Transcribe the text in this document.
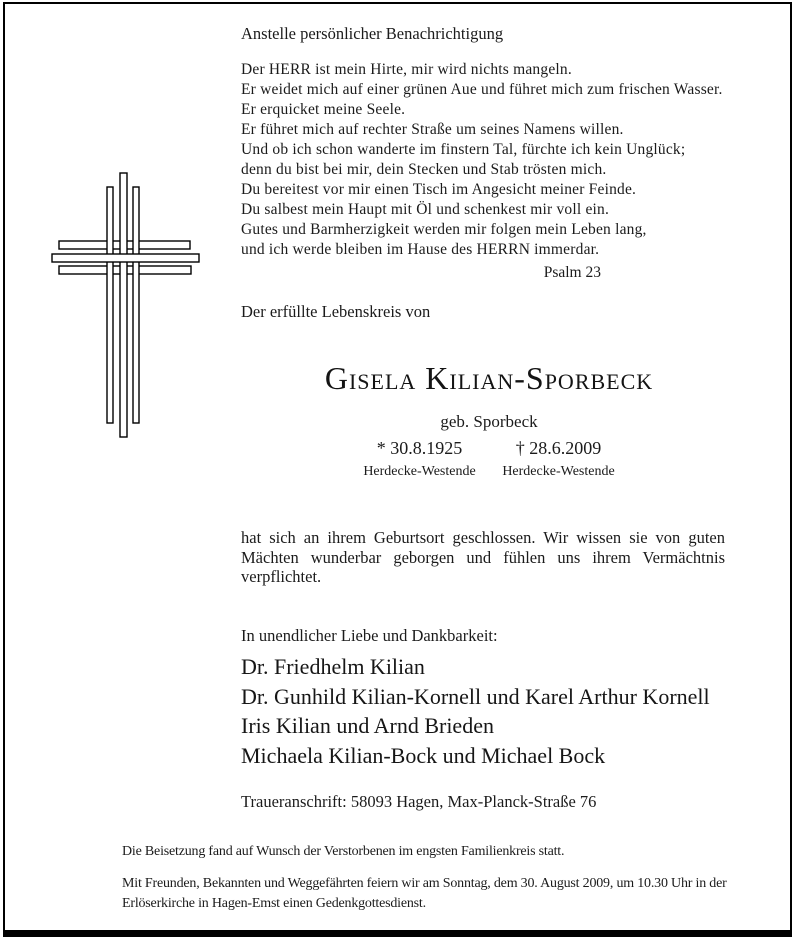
Anstelle persönlicher Benachrichtigung
Der HERR ist mein Hirte, mir wird nichts mangeln.
Er weidet mich auf einer grünen Aue und führet mich zum frischen Wasser.
Er erquicket meine Seele.
Er führet mich auf rechter Straße um seines Namens willen.
Und ob ich schon wanderte im finstern Tal, fürchte ich kein Unglück;
denn du bist bei mir, dein Stecken und Stab trösten mich.
Du bereitest vor mir einen Tisch im Angesicht meiner Feinde.
Du salbest mein Haupt mit Öl und schenkest mir voll ein.
Gutes und Barmherzigkeit werden mir folgen mein Leben lang,
und ich werde bleiben im Hause des HERRN immerdar.
Psalm 23
Der erfüllte Lebenskreis von
Gisela Kilian-Sporbeck
geb. Sporbeck
* 30.8.1925	† 28.6.2009
Herdecke-Westende	Herdecke-Westende
hat sich an ihrem Geburtsort geschlossen. Wir wissen sie von guten Mächten wunderbar geborgen und fühlen uns ihrem Vermächtnis verpflichtet.
In unendlicher Liebe und Dankbarkeit:
Dr. Friedhelm Kilian
Dr. Gunhild Kilian-Kornell und Karel Arthur Kornell
Iris Kilian und Arnd Brieden
Michaela Kilian-Bock und Michael Bock
Traueranschrift: 58093 Hagen, Max-Planck-Straße 76
Die Beisetzung fand auf Wunsch der Verstorbenen im engsten Familienkreis statt.
Mit Freunden, Bekannten und Weggefährten feiern wir am Sonntag, dem 30. August 2009, um 10.30 Uhr in der Erlöserkirche in Hagen-Emst einen Gedenkgottesdienst.
